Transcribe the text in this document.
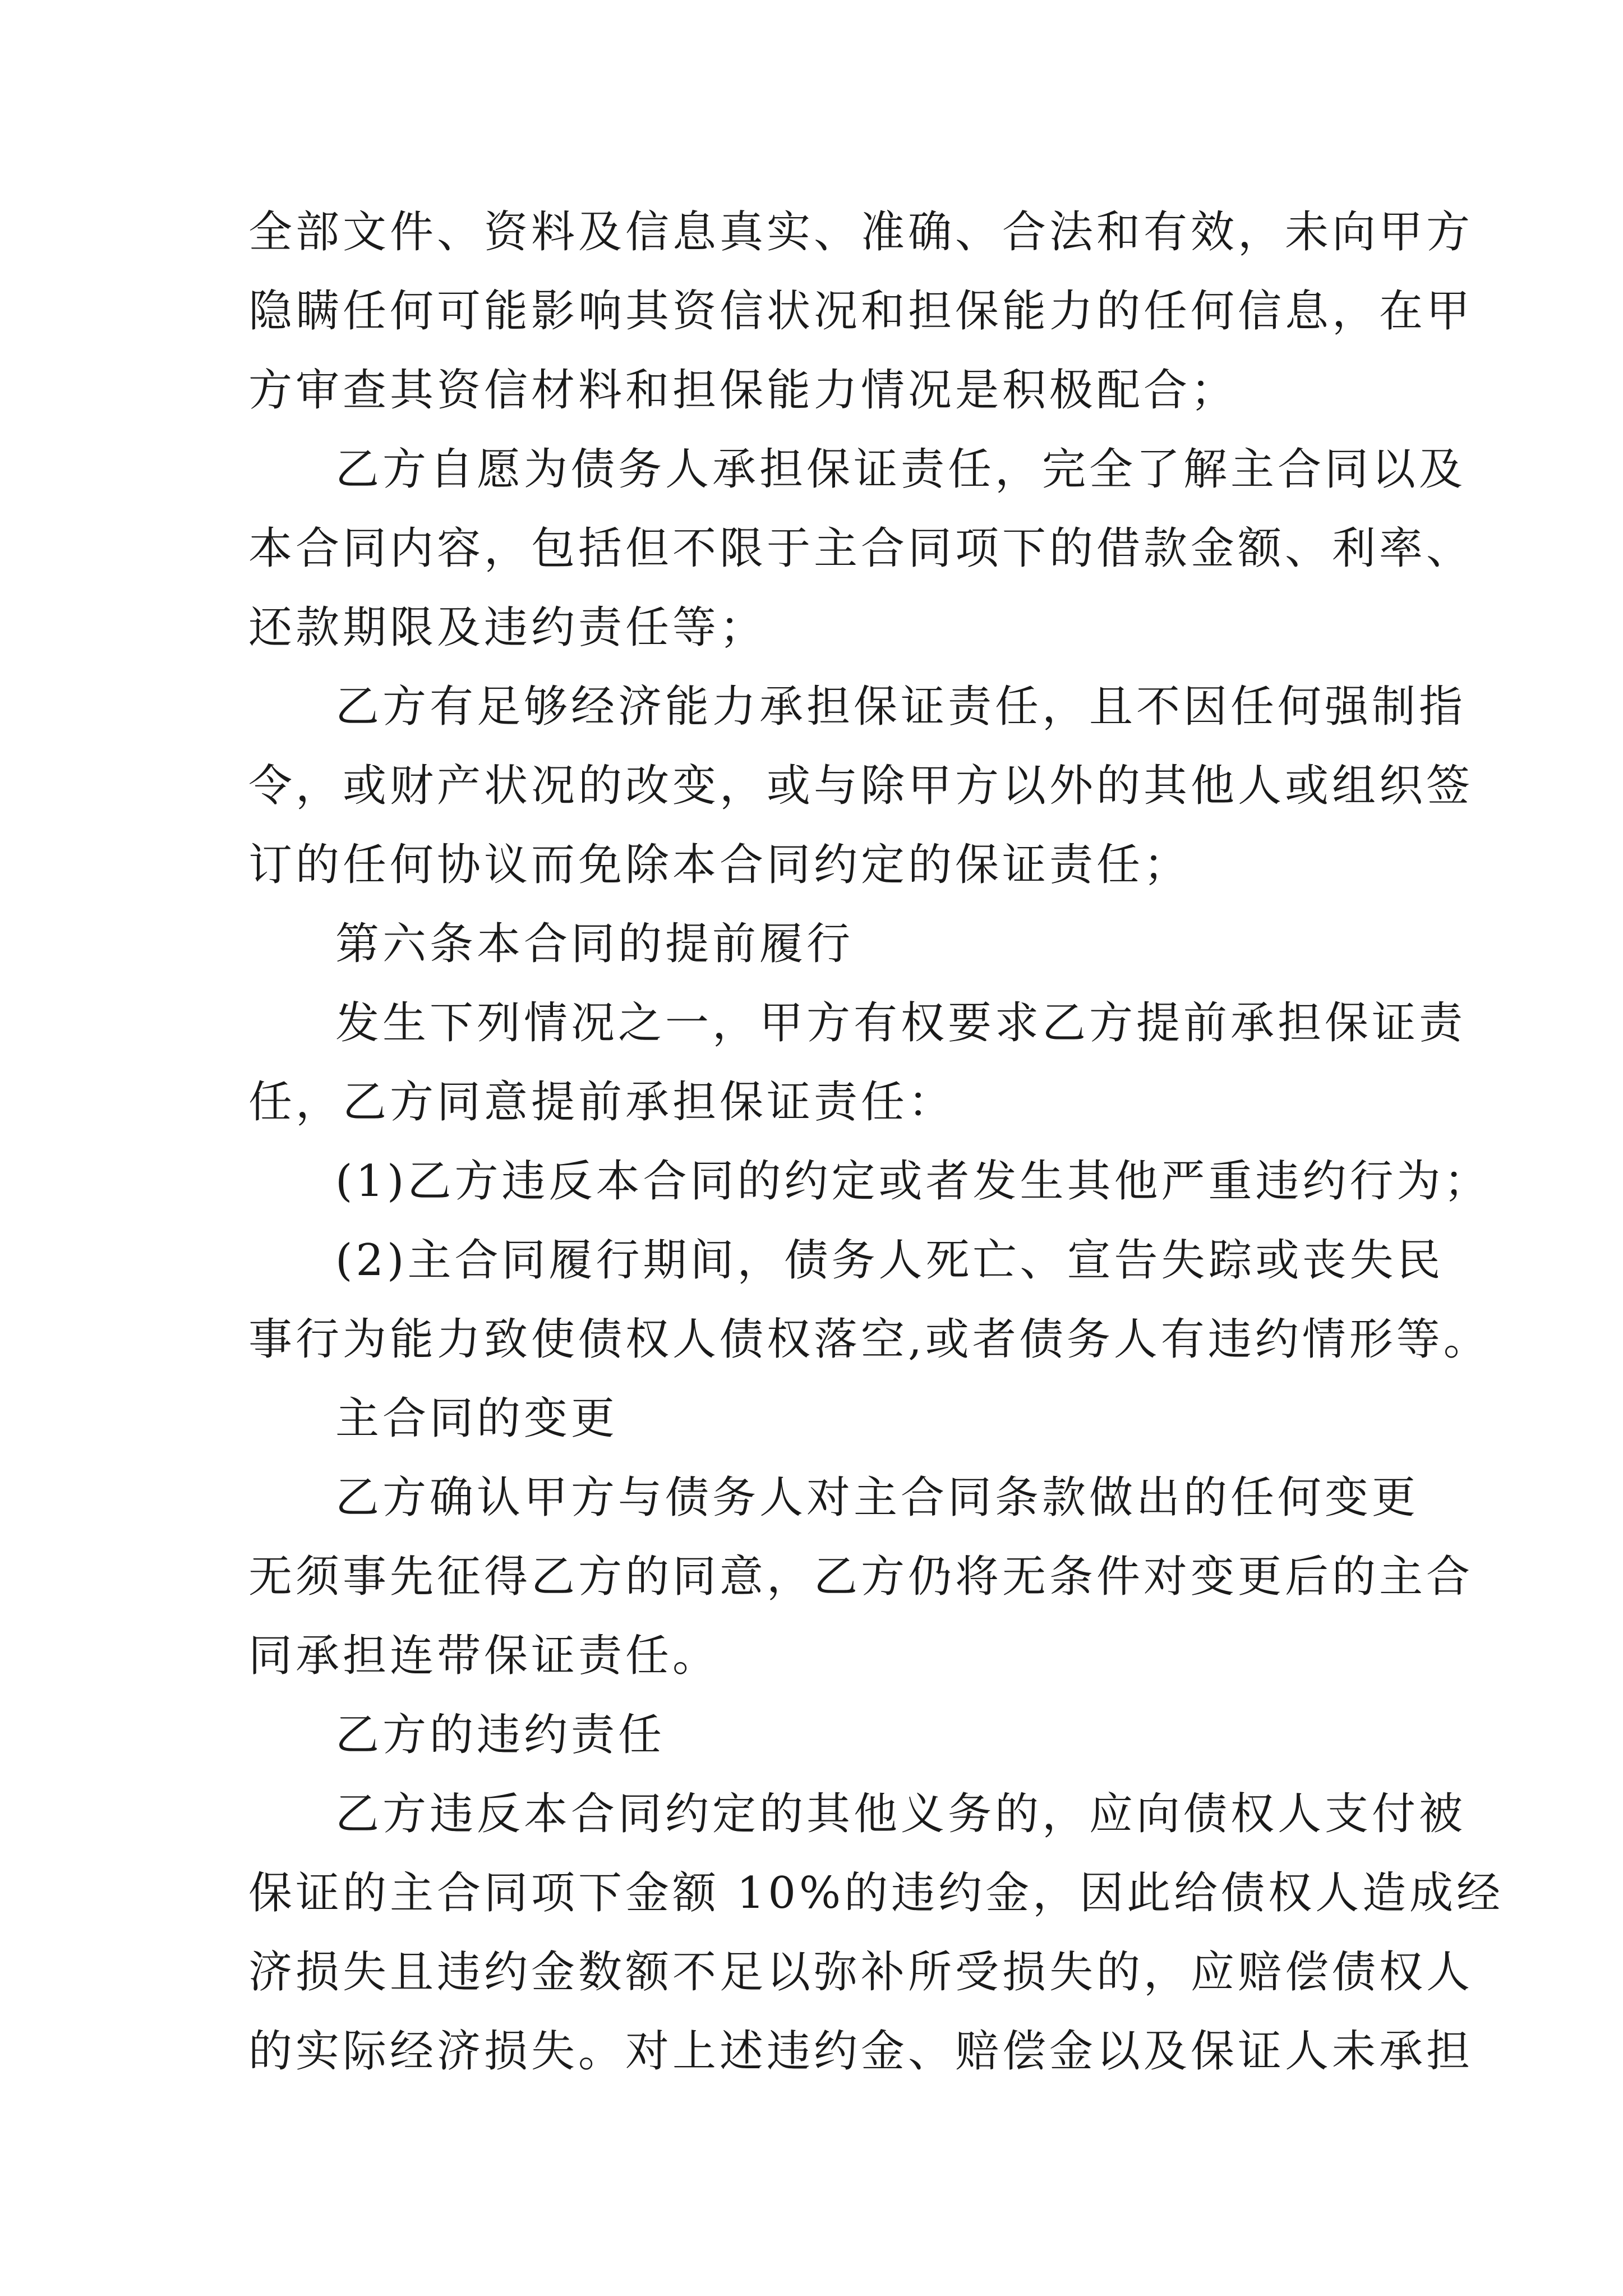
全部文件、资料及信息真实、准确、合法和有效，未向甲方
隐瞒任何可能影响其资信状况和担保能力的任何信息，在甲
方审查其资信材料和担保能力情况是积极配合；
乙方自愿为债务人承担保证责任，完全了解主合同以及
本合同内容，包括但不限于主合同项下的借款金额、利率、
还款期限及违约责任等；
乙方有足够经济能力承担保证责任，且不因任何强制指
令，或财产状况的改变，或与除甲方以外的其他人或组织签
订的任何协议而免除本合同约定的保证责任；
第六条本合同的提前履行
发生下列情况之一，甲方有权要求乙方提前承担保证责
任，乙方同意提前承担保证责任：
(1)乙方违反本合同的约定或者发生其他严重违约行为；
(2)主合同履行期间，债务人死亡、宣告失踪或丧失民
事行为能力致使债权人债权落空,或者债务人有违约情形等。
主合同的变更
乙方确认甲方与债务人对主合同条款做出的任何变更
无须事先征得乙方的同意，乙方仍将无条件对变更后的主合
同承担连带保证责任。
乙方的违约责任
乙方违反本合同约定的其他义务的，应向债权人支付被
保证的主合同项下金额 10%的违约金，因此给债权人造成经
济损失且违约金数额不足以弥补所受损失的，应赔偿债权人
的实际经济损失。对上述违约金、赔偿金以及保证人未承担
